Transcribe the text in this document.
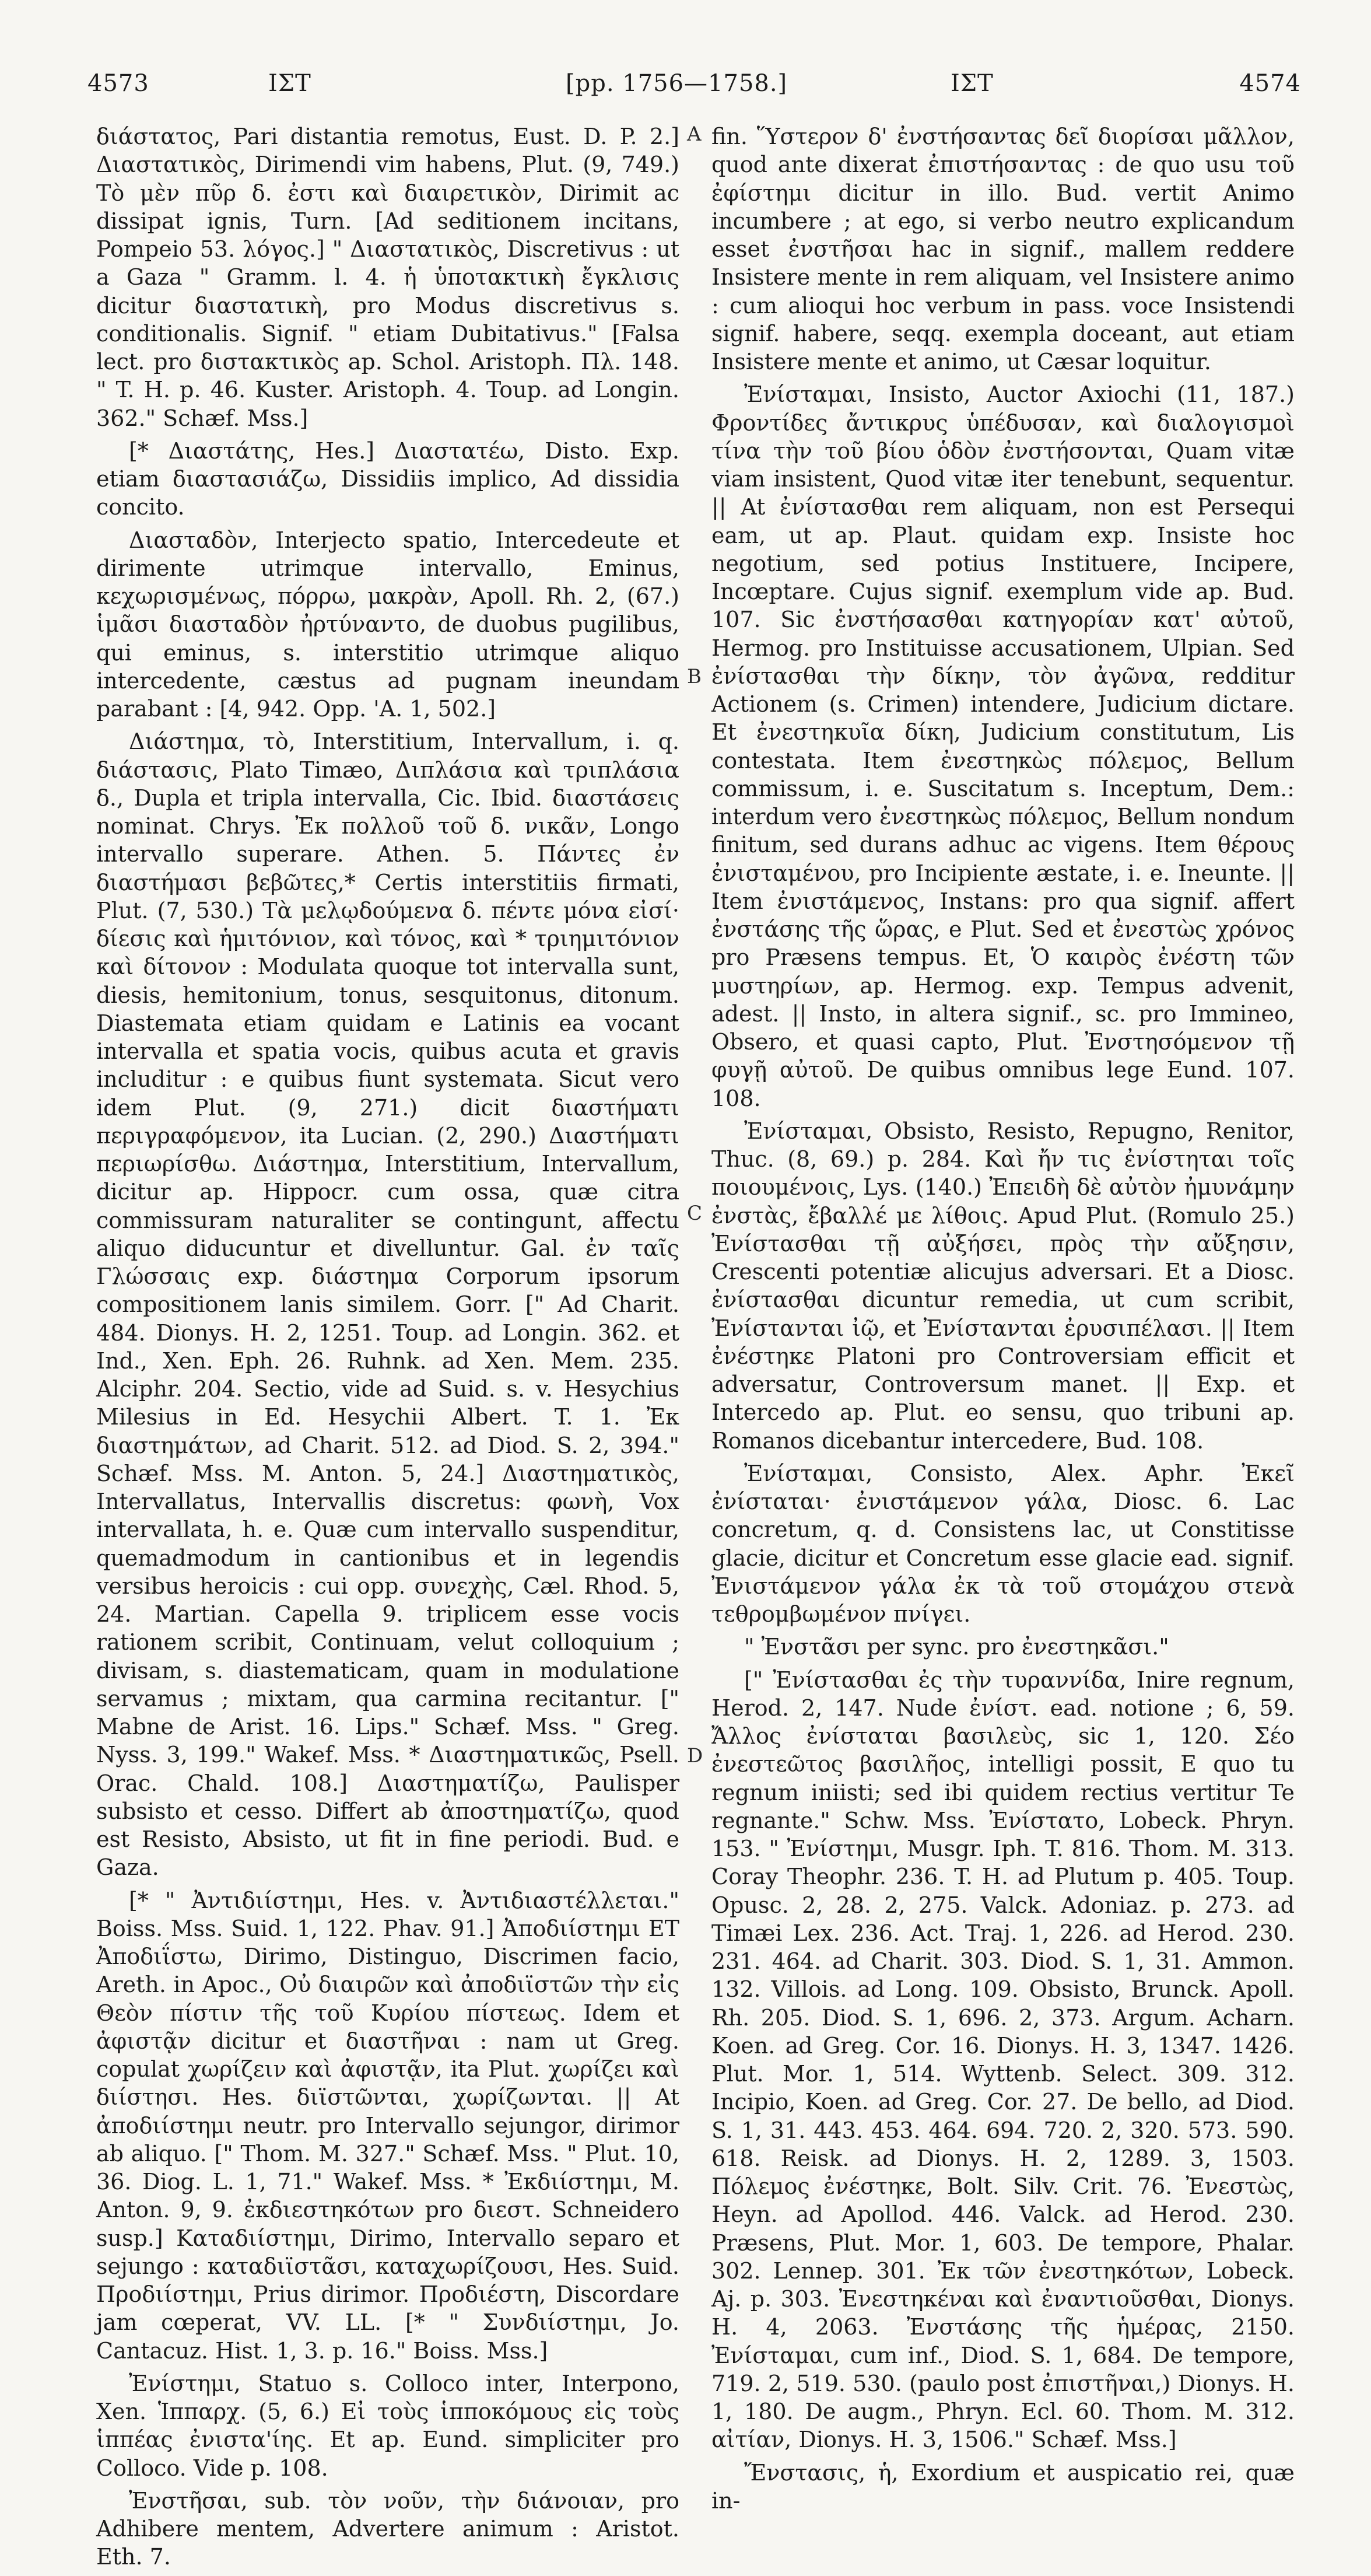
4573	ΙΣΤ	[pp. 1756—1758.]	ΙΣΤ	4574
A
B
C
D

διάστατος, Pari distantia remotus, Eust. D. P. 2.] Διαστατικὸς, Dirimendi vim habens, Plut. (9, 749.) Τὸ μὲν πῦρ δ. ἐστι καὶ διαιρετικὸν, Dirimit ac dissipat ignis, Turn. [Ad seditionem incitans, Pompeio 53. λόγος.] " Διαστατικὸς, Discretivus : ut a Gaza " Gramm. l. 4. ἡ ὑποτακτικὴ ἔγκλισις dicitur διαστατικὴ, pro Modus discretivus s. conditionalis. Signif. " etiam Dubitativus." [Falsa lect. pro διστακτικὸς ap. Schol. Aristoph. Πλ. 148. " T. H. p. 46. Kuster. Aristoph. 4. Toup. ad Longin. 362." Schæf. Mss.]

[* Διαστάτης, Hes.] Διαστατέω, Disto. Exp. etiam διαστασιάζω, Dissidiis implico, Ad dissidia concito.

Διασταδὸν, Interjecto spatio, Intercedeute et dirimente utrimque intervallo, Eminus, κεχωρισμένως, πόρρω, μακρὰν, Apoll. Rh. 2, (67.) ἱμᾶσι διασταδὸν ἠρτύναντο, de duobus pugilibus, qui eminus, s. interstitio utrimque aliquo intercedente, cæstus ad pugnam ineundam parabant : [4, 942. Opp. 'A. 1, 502.]

Διάστημα, τὸ, Interstitium, Intervallum, i. q. διάστασις, Plato Timæo, Διπλάσια καὶ τριπλάσια δ., Dupla et tripla intervalla, Cic. Ibid. διαστάσεις nominat. Chrys. Ἐκ πολλοῦ τοῦ δ. νικᾶν, Longo intervallo superare. Athen. 5. Πάντες ἐν διαστήμασι βεβῶτες,* Certis interstitiis firmati, Plut. (7, 530.) Τὰ μελῳδούμενα δ. πέντε μόνα εἰσί· δίεσις καὶ ἡμιτόνιον, καὶ τόνος, καὶ * τριημιτόνιον καὶ δίτονον : Modulata quoque tot intervalla sunt, diesis, hemitonium, tonus, sesquitonus, ditonum. Diastemata etiam quidam e Latinis ea vocant intervalla et spatia vocis, quibus acuta et gravis includitur : e quibus fiunt systemata. Sicut vero idem Plut. (9, 271.) dicit διαστήματι περιγραφόμενον, ita Lucian. (2, 290.) Διαστήματι περιωρίσθω. Διάστημα, Interstitium, Intervallum, dicitur ap. Hippocr. cum ossa, quæ citra commissuram naturaliter se contingunt, affectu aliquo diducuntur et divelluntur. Gal. ἐν ταῖς Γλώσσαις exp. διάστημα Corporum ipsorum compositionem lanis similem. Gorr. [" Ad Charit. 484. Dionys. H. 2, 1251. Toup. ad Longin. 362. et Ind., Xen. Eph. 26. Ruhnk. ad Xen. Mem. 235. Alciphr. 204. Sectio, vide ad Suid. s. v. Hesychius Milesius in Ed. Hesychii Albert. T. 1. Ἐκ διαστημάτων, ad Charit. 512. ad Diod. S. 2, 394." Schæf. Mss. M. Anton. 5, 24.] Διαστηματικὸς, Intervallatus, Intervallis discretus: φωνὴ, Vox intervallata, h. e. Quæ cum intervallo suspenditur, quemadmodum in cantionibus et in legendis versibus heroicis : cui opp. συνεχὴς, Cæl. Rhod. 5, 24. Martian. Capella 9. triplicem esse vocis rationem scribit, Continuam, velut colloquium ; divisam, s. diastematicam, quam in modulatione servamus ; mixtam, qua carmina recitantur. [" Mabne de Arist. 16. Lips." Schæf. Mss. " Greg. Nyss. 3, 199." Wakef. Mss. * Διαστηματικῶς, Psell. Orac. Chald. 108.] Διαστηματίζω, Paulisper subsisto et cesso. Differt ab ἀποστηματίζω, quod est Resisto, Absisto, ut fit in fine periodi. Bud. e Gaza.

[* " Ἀντιδιίστημι, Hes. v. Ἀντιδιαστέλλεται." Boiss. Mss. Suid. 1, 122. Phav. 91.] Ἀποδιίστημι ΕΤ Ἀποδιΐστω, Dirimo, Distinguo, Discrimen facio, Areth. in Apoc., Οὐ διαιρῶν καὶ ἀποδιϊστῶν τὴν εἰς Θεὸν πίστιν τῆς τοῦ Κυρίου πίστεως. Idem et ἀφιστᾷν dicitur et διαστῆναι : nam ut Greg. copulat χωρίζειν καὶ ἀφιστᾷν, ita Plut. χωρίζει καὶ διίστησι. Hes. διϊστῶνται, χωρίζωνται. || At ἀποδιίστημι neutr. pro Intervallo sejungor, dirimor ab aliquo. [" Thom. M. 327." Schæf. Mss. " Plut. 10, 36. Diog. L. 1, 71." Wakef. Mss. * Ἐκδιίστημι, M. Anton. 9, 9. ἐκδιεστηκότων pro διεστ. Schneidero susp.] Καταδιίστημι, Dirimo, Intervallo separo et sejungo : καταδιϊστᾶσι, καταχωρίζουσι, Hes. Suid. Προδιίστημι, Prius dirimor. Προδιέστη, Discordare jam cœperat, VV. LL. [* " Συνδιίστημι, Jo. Cantacuz. Hist. 1, 3. p. 16." Boiss. Mss.]

Ἐνίστημι, Statuo s. Colloco inter, Interpono, Xen. Ἱππαρχ. (5, 6.) Εἰ τοὺς ἱπποκόμους εἰς τοὺς ἱππέας ἐνιστα'ίης. Et ap. Eund. simpliciter pro Colloco. Vide p. 108.

Ἐνστῆσαι, sub. τὸν νοῦν, τὴν διάνοιαν, pro Adhibere mentem, Advertere animum : Aristot. Eth. 7.

fin. Ὕστερον δ' ἐνστήσαντας δεῖ διορίσαι μᾶλλον, quod ante dixerat ἐπιστήσαντας : de quo usu τοῦ ἐφίστημι dicitur in illo. Bud. vertit Animo incumbere ; at ego, si verbo neutro explicandum esset ἐνστῆσαι hac in signif., mallem reddere Insistere mente in rem aliquam, vel Insistere animo : cum alioqui hoc verbum in pass. voce Insistendi signif. habere, seqq. exempla doceant, aut etiam Insistere mente et animo, ut Cæsar loquitur.

Ἐνίσταμαι, Insisto, Auctor Axiochi (11, 187.) Φροντίδες ἄντικρυς ὑπέδυσαν, καὶ διαλογισμοὶ τίνα τὴν τοῦ βίου ὁδὸν ἐνστήσονται, Quam vitæ viam insistent, Quod vitæ iter tenebunt, sequentur. || At ἐνίστασθαι rem aliquam, non est Persequi eam, ut ap. Plaut. quidam exp. Insiste hoc negotium, sed potius Instituere, Incipere, Incœptare. Cujus signif. exemplum vide ap. Bud. 107. Sic ἐνστήσασθαι κατηγορίαν κατ' αὐτοῦ, Hermog. pro Instituisse accusationem, Ulpian. Sed ἐνίστασθαι τὴν δίκην, τὸν ἀγῶνα, redditur Actionem (s. Crimen) intendere, Judicium dictare. Et ἐνεστηκυῖα δίκη, Judicium constitutum, Lis contestata. Item ἐνεστηκὼς πόλεμος, Bellum commissum, i. e. Suscitatum s. Inceptum, Dem.: interdum vero ἐνεστηκὼς πόλεμος, Bellum nondum finitum, sed durans adhuc ac vigens. Item θέρους ἐνισταμένου, pro Incipiente æstate, i. e. Ineunte. || Item ἐνιστάμενος, Instans: pro qua signif. affert ἐνστάσης τῆς ὥρας, e Plut. Sed et ἐνεστὼς χρόνος pro Præsens tempus. Et, Ὁ καιρὸς ἐνέστη τῶν μυστηρίων, ap. Hermog. exp. Tempus advenit, adest. || Insto, in altera signif., sc. pro Immineo, Obsero, et quasi capto, Plut. Ἐνστησόμενον τῇ φυγῇ αὐτοῦ. De quibus omnibus lege Eund. 107. 108.

Ἐνίσταμαι, Obsisto, Resisto, Repugno, Renitor, Thuc. (8, 69.) p. 284. Καὶ ἤν τις ἐνίστηται τοῖς ποιουμένοις, Lys. (140.) Ἐπειδὴ δὲ αὐτὸν ἠμυνάμην ἐνστὰς, ἔβαλλέ με λίθοις. Apud Plut. (Romulo 25.) Ἐνίστασθαι τῇ αὐξήσει, πρὸς τὴν αὔξησιν, Crescenti potentiæ alicujus adversari. Et a Diosc. ἐνίστασθαι dicuntur remedia, ut cum scribit, Ἐνίστανται ἰῷ, et Ἐνίστανται ἐρυσιπέλασι. || Item ἐνέστηκε Platoni pro Controversiam efficit et adversatur, Controversum manet. || Exp. et Intercedo ap. Plut. eo sensu, quo tribuni ap. Romanos dicebantur intercedere, Bud. 108.

Ἐνίσταμαι, Consisto, Alex. Aphr. Ἐκεῖ ἐνίσταται· ἐνιστάμενον γάλα, Diosc. 6. Lac concretum, q. d. Consistens lac, ut Constitisse glacie, dicitur et Concretum esse glacie ead. signif. Ἐνιστάμενον γάλα ἐκ τὰ τοῦ στομάχου στενὰ τεθρομβωμένον πνίγει.

" Ἐνστᾶσι per sync. pro ἐνεστηκᾶσι."

[" Ἐνίστασθαι ἐς τὴν τυραννίδα, Inire regnum, Herod. 2, 147. Nude ἐνίστ. ead. notione ; 6, 59. Ἄλλος ἐνίσταται βασιλεὺς, sic 1, 120. Σέο ἐνεστεῶτος βασιλῆος, intelligi possit, E quo tu regnum iniisti; sed ibi quidem rectius vertitur Te regnante." Schw. Mss. Ἐνίστατο, Lobeck. Phryn. 153. " Ἐνίστημι, Musgr. Iph. T. 816. Thom. M. 313. Coray Theophr. 236. T. H. ad Plutum p. 405. Toup. Opusc. 2, 28. 2, 275. Valck. Adoniaz. p. 273. ad Timæi Lex. 236. Act. Traj. 1, 226. ad Herod. 230. 231. 464. ad Charit. 303. Diod. S. 1, 31. Ammon. 132. Villois. ad Long. 109. Obsisto, Brunck. Apoll. Rh. 205. Diod. S. 1, 696. 2, 373. Argum. Acharn. Koen. ad Greg. Cor. 16. Dionys. H. 3, 1347. 1426. Plut. Mor. 1, 514. Wyttenb. Select. 309. 312. Incipio, Koen. ad Greg. Cor. 27. De bello, ad Diod. S. 1, 31. 443. 453. 464. 694. 720. 2, 320. 573. 590. 618. Reisk. ad Dionys. H. 2, 1289. 3, 1503. Πόλεμος ἐνέστηκε, Bolt. Silv. Crit. 76. Ἐνεστὼς, Heyn. ad Apollod. 446. Valck. ad Herod. 230. Præsens, Plut. Mor. 1, 603. De tempore, Phalar. 302. Lennep. 301. Ἐκ τῶν ἐνεστηκότων, Lobeck. Aj. p. 303. Ἐνεστηκέναι καὶ ἐναντιοῦσθαι, Dionys. H. 4, 2063. Ἐνστάσης τῆς ἡμέρας, 2150. Ἐνίσταμαι, cum inf., Diod. S. 1, 684. De tempore, 719. 2, 519. 530. (paulo post ἐπιστῆναι,) Dionys. H. 1, 180. De augm., Phryn. Ecl. 60. Thom. M. 312. αἰτίαν, Dionys. H. 3, 1506." Schæf. Mss.]

Ἔνστασις, ἡ, Exordium et auspicatio rei, quæ in-
